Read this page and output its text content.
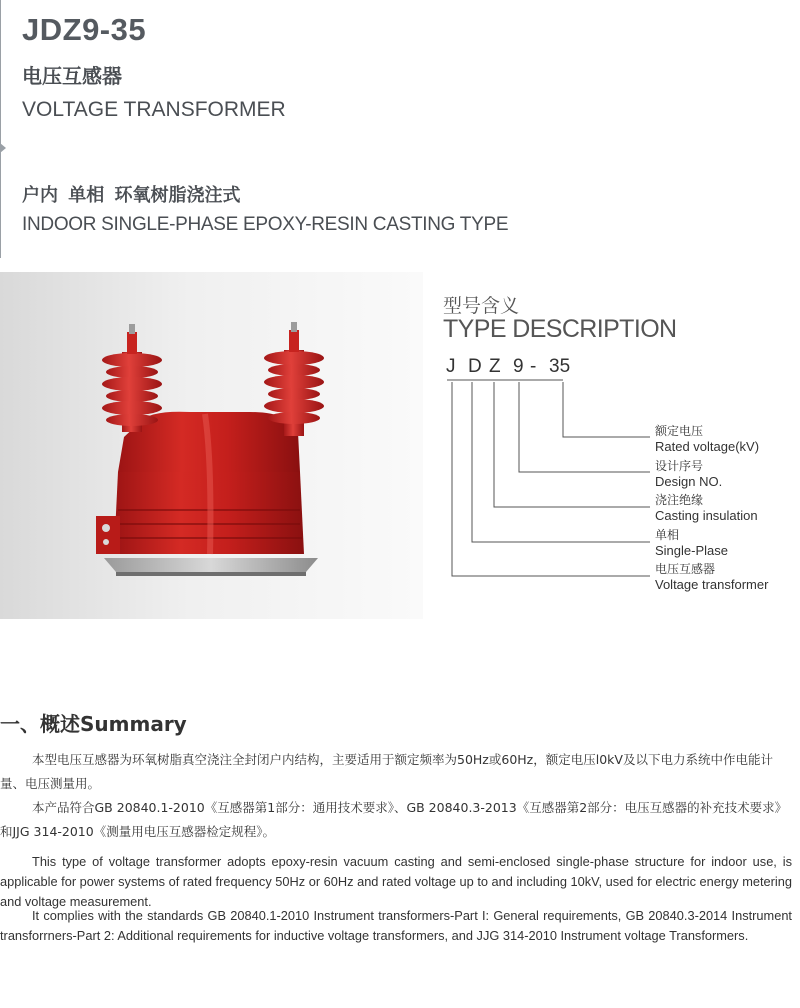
JDZ9-35
电压互感器
VOLTAGE TRANSFORMER
户内 单相 环氧树脂浇注式
INDOOR SINGLE-PHASE EPOXY-RESIN CASTING TYPE
型号含义
TYPE DESCRIPTION
J D Z 9 - 35
额定电压
Rated voltage(kV)
设计序号
Design NO.
浇注绝缘
Casting insulation
单相
Single-Plase
电压互感器
Voltage transformer
一、概述Summary

本型电压互感器为环氧树脂真空浇注全封闭户内结构，主要适用于额定频率为50Hz或60Hz，额定电压l0kV及以下电力系统中作电能计量、电压测量用。

本产品符合GB 20840.1-2010《互感器第1部分：通用技术要求》、GB 20840.3-2013《互感器第2部分：电压互感器的补充技术要求》和JJG 314-2010《测量用电压互感器检定规程》。

This type of voltage transformer adopts epoxy-resin vacuum casting and semi-enclosed single-phase structure for indoor use, is applicable for power systems of rated frequency 50Hz or 60Hz and rated voltage up to and including 10kV, used for electric energy metering and voltage measurement.

It complies with the standards GB 20840.1-2010 Instrument transformers-Part I: General requirements, GB 20840.3-2014 Instrument transforrners-Part 2: Additional requirements for inductive voltage transformers, and JJG 314-2010 Instrument voltage Transformers.
